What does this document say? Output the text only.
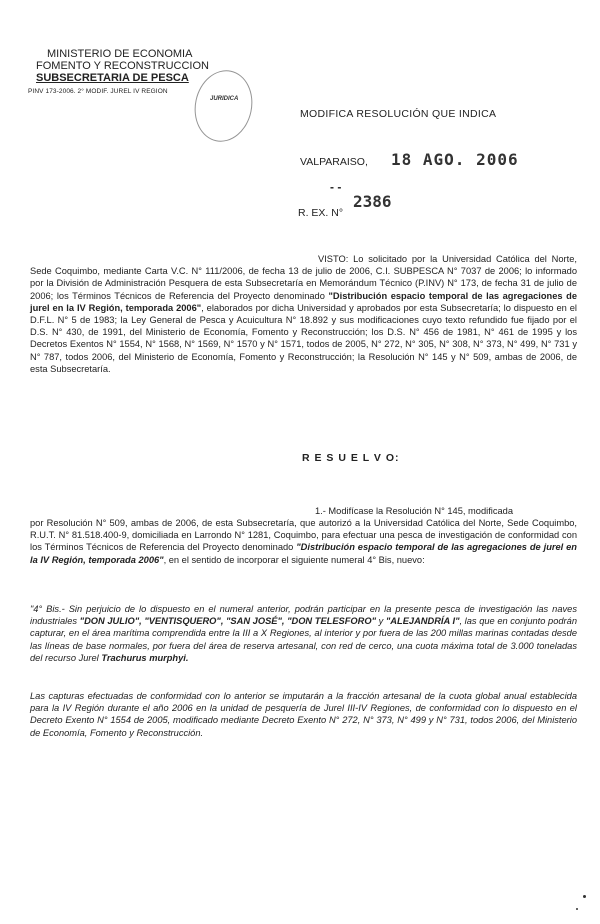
MINISTERIO DE ECONOMIA
FOMENTO Y RECONSTRUCCION
SUBSECRETARIA DE PESCA
PINV 173-2006. 2° MODIF. JUREL IV REGION
JURIDICA
MODIFICA RESOLUCIÓN QUE INDICA
VALPARAISO, 18 AGO. 2006
- -
R. EX. N°
2386
VISTO: Lo solicitado por la Universidad Católica del Norte, Sede Coquimbo, mediante Carta V.C. N° 111/2006, de fecha 13 de julio de 2006, C.I. SUBPESCA N° 7037 de 2006; lo informado por la División de Administración Pesquera de esta Subsecretaría en Memorándum Técnico (P.INV) N° 173, de fecha 31 de julio de 2006; los Términos Técnicos de Referencia del Proyecto denominado "Distribución espacio temporal de las agregaciones de jurel en la IV Región, temporada 2006", elaborados por dicha Universidad y aprobados por esta Subsecretaría; lo dispuesto en el D.F.L. N° 5 de 1983; la Ley General de Pesca y Acuicultura N° 18.892 y sus modificaciones cuyo texto refundido fue fijado por el D.S. N° 430, de 1991, del Ministerio de Economía, Fomento y Reconstrucción; los D.S. N° 456 de 1981, N° 461 de 1995 y los Decretos Exentos N° 1554, N° 1568, N° 1569, N° 1570 y N° 1571, todos de 2005, N° 272, N° 305, N° 308, N° 373, N° 499, N° 731 y N° 787, todos 2006, del Ministerio de Economía, Fomento y Reconstrucción; la Resolución N° 145 y N° 509, ambas de 2006, de esta Subsecretaría.
R E S U E L V O:
1.- Modifícase la Resolución N° 145, modificada
por Resolución N° 509, ambas de 2006, de esta Subsecretaría, que autorizó a la Universidad Católica del Norte, Sede Coquimbo, R.U.T. N° 81.518.400-9, domiciliada en Larrondo N° 1281, Coquimbo, para efectuar una pesca de investigación de conformidad con los Términos Técnicos de Referencia del Proyecto denominado "Distribución espacio temporal de las agregaciones de jurel en la IV Región, temporada 2006", en el sentido de incorporar el siguiente numeral 4° Bis, nuevo:
"4° Bis.- Sin perjuicio de lo dispuesto en el numeral anterior, podrán participar en la presente pesca de investigación las naves industriales "DON JULIO", "VENTISQUERO", "SAN JOSÉ", "DON TELESFORO" y "ALEJANDRÍA I", las que en conjunto podrán capturar, en el área marítima comprendida entre la III a X Regiones, al interior y por fuera de las 200 millas marinas contadas desde las líneas de base normales, por fuera del área de reserva artesanal, con red de cerco, una cuota máxima total de 3.000 toneladas del recurso Jurel Trachurus murphyi.
Las capturas efectuadas de conformidad con lo anterior se imputarán a la fracción artesanal de la cuota global anual establecida para la IV Región durante el año 2006 en la unidad de pesquería de Jurel III-IV Regiones, de conformidad con lo dispuesto en el Decreto Exento N° 1554 de 2005, modificado mediante Decreto Exento N° 272, N° 373, N° 499 y N° 731, todos 2006, del Ministerio de Economía, Fomento y Reconstrucción.
